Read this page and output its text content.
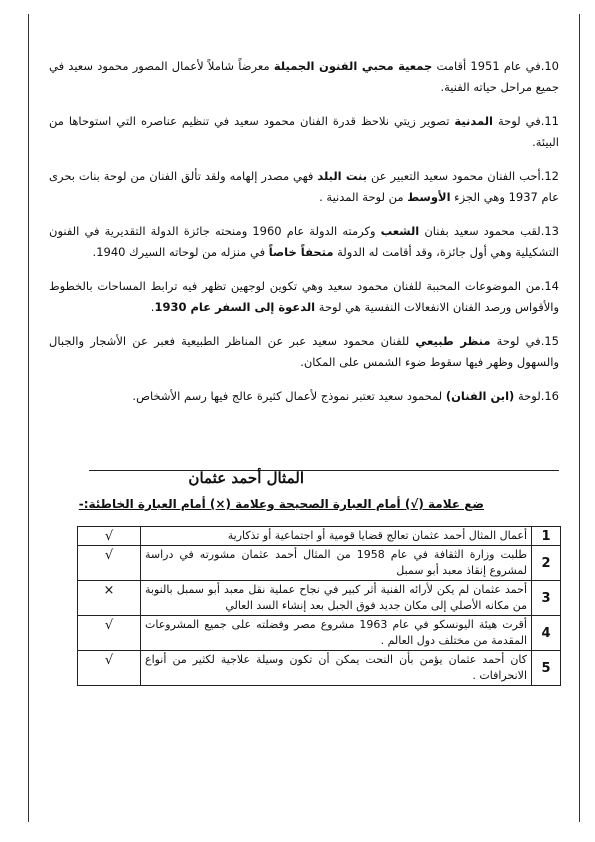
10.في عام 1951 أقامت جمعية محبي الفنون الجميلة معرضاً شاملاً لأعمال المصور محمود سعيد في جميع مراحل حياته الفنية.
11.في لوحة المدنية تصوير زيتي نلاحظ قدرة الفنان محمود سعيد في تنظيم عناصره التي استوحاها من البيئة.
12.أحب الفنان محمود سعيد التعبير عن بنت البلد فهي مصدر إلهامه ولقد تألق الفنان من لوحة بنات بحرى عام 1937 وهي الجزء الأوسط من لوحة المدنية .
13.لقب محمود سعيد بفنان الشعب وكرمته الدولة عام 1960 ومنحته جائزة الدولة التقديرية في الفنون التشكيلية وهي أول جائزة، وقد أقامت له الدولة متحفاً خاصاً في منزله من لوحاته السيرك 1940.
14.من الموضوعات المحببة للفنان محمود سعيد وهي تكوين لوجهين تظهر فيه ترابط المساحات بالخطوط والأقواس ورصد الفنان الانفعالات النفسية هي لوحة الدعوة إلى السفر عام 1930.
15.في لوحة منظر طبيعي للفنان محمود سعيد عبر عن المناظر الطبيعية فعبر عن الأشجار والجبال والسهول وظهر فيها سقوط ضوء الشمس على المكان.
16.لوحة (ابن الفنان) لمحمود سعيد تعتبر نموذج لأعمال كثيرة عالج فيها رسم الأشخاص.
المثال أحمد عثمان
ضع علامة (√) أمام العبارة الصحيحة وعلامة (×) أمام العبارة الخاطئة:-
1	أعمال المثال أحمد عثمان تعالج قضايا قومية أو اجتماعية أو تذكارية	√
2	طلبت وزارة الثقافة في عام 1958 من المثال أحمد عثمان مشورته في دراسة لمشروع إنقاذ معبد أبو سمبل	√
3	أحمد عثمان لم يكن لأرائه الفنية أثر كبير في نجاح عملية نقل معبد أبو سمبل بالنوبة من مكانه الأصلي إلى مكان جديد فوق الجبل بعد إنشاء السد العالي	×
4	أقرت هيئة اليونسكو في عام 1963 مشروع مصر وفضلته على جميع المشروعات المقدمة من مختلف دول العالم .	√
5	كان أحمد عثمان يؤمن بأن النحت يمكن أن تكون وسيلة علاجية لكثير من أنواع الانحرافات .	√
